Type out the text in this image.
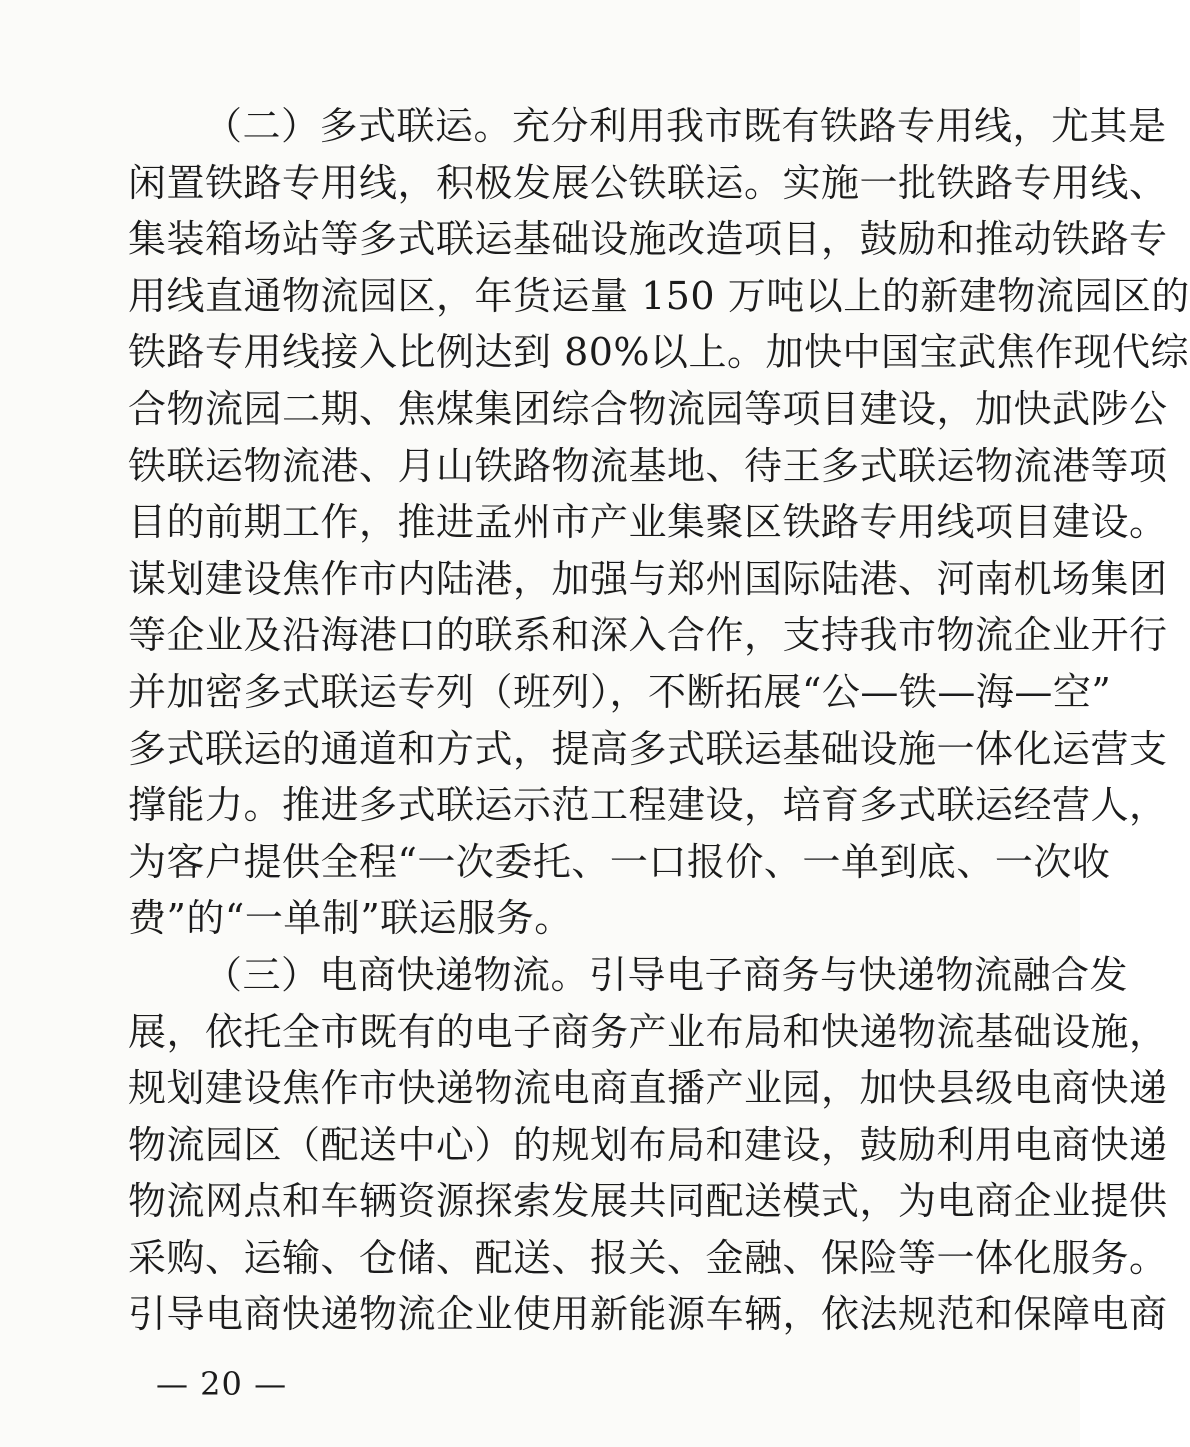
（二）多式联运。充分利用我市既有铁路专用线，尤其是
闲置铁路专用线，积极发展公铁联运。实施一批铁路专用线、
集装箱场站等多式联运基础设施改造项目，鼓励和推动铁路专
用线直通物流园区，年货运量 150 万吨以上的新建物流园区的
铁路专用线接入比例达到 80%以上。加快中国宝武焦作现代综
合物流园二期、焦煤集团综合物流园等项目建设，加快武陟公
铁联运物流港、月山铁路物流基地、待王多式联运物流港等项
目的前期工作，推进孟州市产业集聚区铁路专用线项目建设。
谋划建设焦作市内陆港，加强与郑州国际陆港、河南机场集团
等企业及沿海港口的联系和深入合作，支持我市物流企业开行
并加密多式联运专列（班列），不断拓展“公—铁—海—空”
多式联运的通道和方式，提高多式联运基础设施一体化运营支
撑能力。推进多式联运示范工程建设，培育多式联运经营人，
为客户提供全程“一次委托、一口报价、一单到底、一次收
费”的“一单制”联运服务。
（三）电商快递物流。引导电子商务与快递物流融合发
展，依托全市既有的电子商务产业布局和快递物流基础设施，
规划建设焦作市快递物流电商直播产业园，加快县级电商快递
物流园区（配送中心）的规划布局和建设，鼓励利用电商快递
物流网点和车辆资源探索发展共同配送模式，为电商企业提供
采购、运输、仓储、配送、报关、金融、保险等一体化服务。
引导电商快递物流企业使用新能源车辆，依法规范和保障电商
— 20 —
